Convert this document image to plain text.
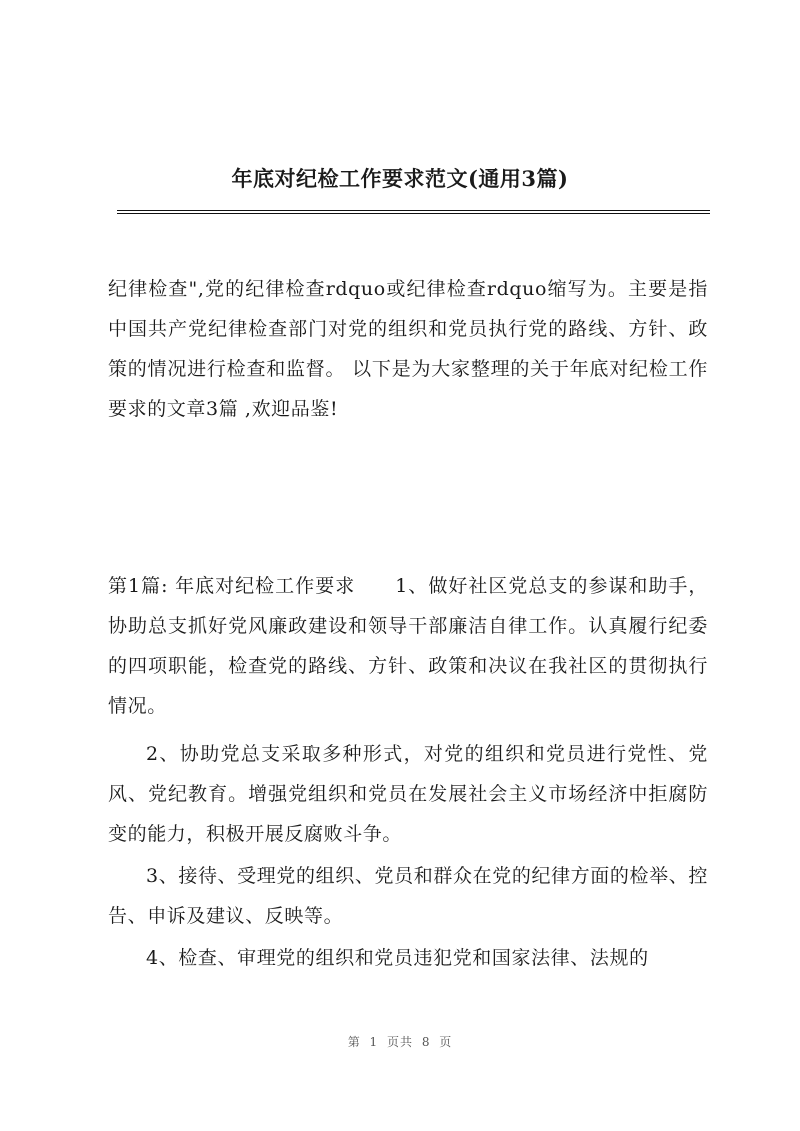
年底对纪检工作要求范文(通用3篇)
纪律检查",党的纪律检查rdquo或纪律检查rdquo缩写为。主要是指中国共产党纪律检查部门对党的组织和党员执行党的路线、方针、政策的情况进行检查和监督。 以下是为大家整理的关于年底对纪检工作要求的文章3篇 ,欢迎品鉴!
第1篇: 年底对纪检工作要求　　1、做好社区党总支的参谋和助手，协助总支抓好党风廉政建设和领导干部廉洁自律工作。认真履行纪委的四项职能，检查党的路线、方针、政策和决议在我社区的贯彻执行情况。
2、协助党总支采取多种形式，对党的组织和党员进行党性、党风、党纪教育。增强党组织和党员在发展社会主义市场经济中拒腐防变的能力，积极开展反腐败斗争。
3、接待、受理党的组织、党员和群众在党的纪律方面的检举、控告、申诉及建议、反映等。
4、检查、审理党的组织和党员违犯党和国家法律、法规的
第 1 页共 8 页
